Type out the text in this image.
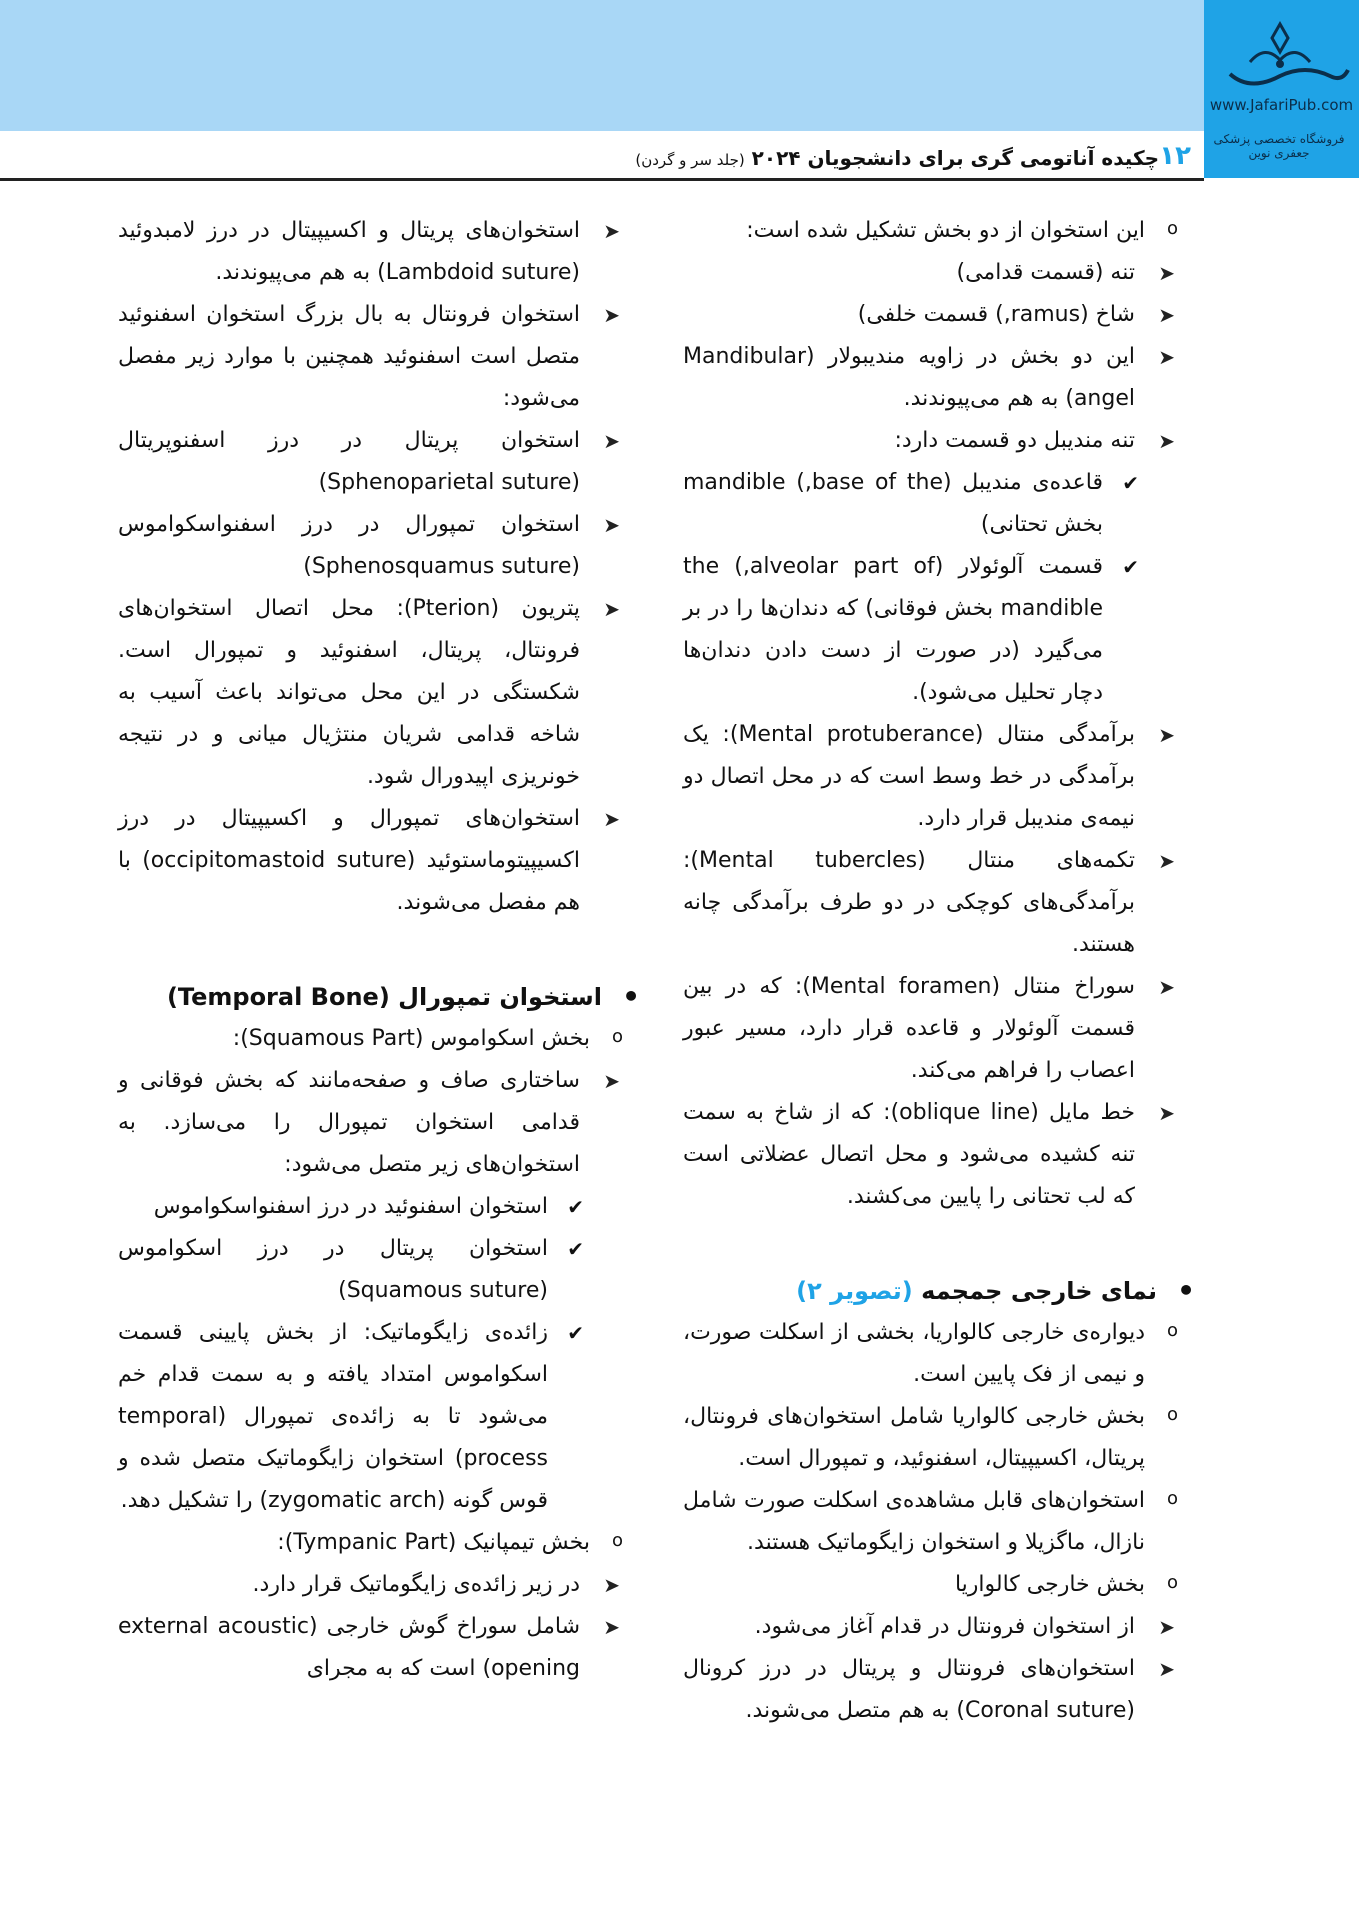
www.JafariPub.com
فروشگاه تخصصی پزشکی جعفری نوین
۱۲
چکیده آناتومی گری برای دانشجویان ۲۰۲۴ (جلد سر و گردن)
o این استخوان از دو بخش تشکیل شده است:
➤ تنه (قسمت قدامی)
➤ شاخ (ramus,) قسمت خلفی)
➤ این دو بخش در زاویه مندیبولار (Mandibular angel) به هم می‌پیوندند.
➤ تنه مندیبل دو قسمت دارد:
✔ قاعده‌ی مندیبل (base of the,) mandible بخش تحتانی)
✔ قسمت آلوئولار (alveolar part of,) the mandible بخش فوقانی) که دندان‌ها را در بر می‌گیرد (در صورت از دست دادن دندان‌ها دچار تحلیل می‌شود).
➤ برآمدگی منتال (Mental protuberance): یک برآمدگی در خط وسط است که در محل اتصال دو نیمه‌ی مندیبل قرار دارد.
➤ تکمه‌های منتال (Mental tubercles): برآمدگی‌های کوچکی در دو طرف برآمدگی چانه هستند.
➤ سوراخ منتال (Mental foramen): که در بین قسمت آلوئولار و قاعده قرار دارد، مسیر عبور اعصاب را فراهم می‌کند.
➤ خط مایل (oblique line): که از شاخ به سمت تنه کشیده می‌شود و محل اتصال عضلاتی است که لب تحتانی را پایین می‌کشند.
• نمای خارجی جمجمه (تصویر ۲)
o دیواره‌ی خارجی کالواریا، بخشی از اسکلت صورت، و نیمی از فک پایین است.
o بخش خارجی کالواریا شامل استخوان‌های فرونتال، پریتال، اکسیپیتال، اسفنوئید، و تمپورال است.
o استخوان‌های قابل مشاهده‌ی اسکلت صورت شامل نازال، ماگزیلا و استخوان زایگوماتیک هستند.
o بخش خارجی کالواریا
➤ از استخوان فرونتال در قدام آغاز می‌شود.
➤ استخوان‌های فرونتال و پریتال در درز کرونال (Coronal suture) به هم متصل می‌شوند.
➤ استخوان‌های پریتال و اکسیپیتال در درز لامبدوئید (Lambdoid suture) به هم می‌پیوندند.
➤ استخوان فرونتال به بال بزرگ استخوان اسفنوئید متصل است اسفنوئید همچنین با موارد زیر مفصل می‌شود:
➤ استخوان پریتال در درز اسفنوپریتال (Sphenoparietal suture)
➤ استخوان تمپورال در درز اسفنواسکواموس (Sphenosquamus suture)
➤ پتریون (Pterion): محل اتصال استخوان‌های فرونتال، پریتال، اسفنوئید و تمپورال است. شکستگی در این محل می‌تواند باعث آسیب به شاخه قدامی شریان منتژیال میانی و در نتیجه خونریزی اپیدورال شود.
➤ استخوان‌های تمپورال و اکسیپیتال در درز اکسیپیتوماستوئید (occipitomastoid suture) با هم مفصل می‌شوند.
• استخوان تمپورال (Temporal Bone)
o بخش اسکواموس (Squamous Part):
➤ ساختاری صاف و صفحه‌مانند که بخش فوقانی و قدامی استخوان تمپورال را می‌سازد. به استخوان‌های زیر متصل می‌شود:
✔ استخوان اسفنوئید در درز اسفنواسکواموس
✔ استخوان پریتال در درز اسکواموس (Squamous suture)
✔ زائده‌ی زایگوماتیک: از بخش پایینی قسمت اسکواموس امتداد یافته و به سمت قدام خم می‌شود تا به زائده‌ی تمپورال (temporal process) استخوان زایگوماتیک متصل شده و قوس گونه (zygomatic arch) را تشکیل دهد.
o بخش تیمپانیک (Tympanic Part):
➤ در زیر زائده‌ی زایگوماتیک قرار دارد.
➤ شامل سوراخ گوش خارجی (external acoustic opening) است که به مجرای
